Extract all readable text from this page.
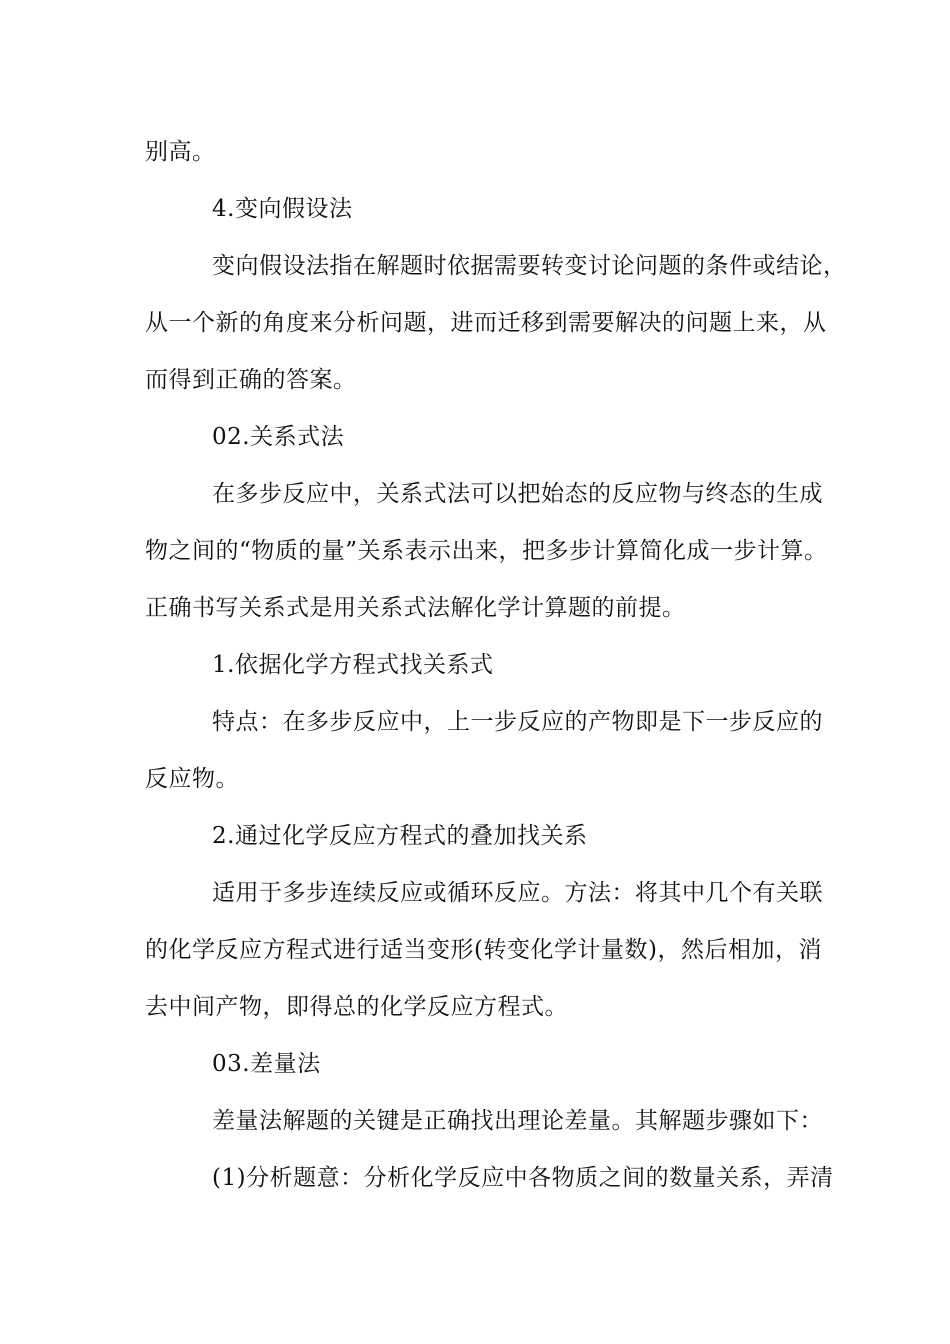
别高。
4.变向假设法
变向假设法指在解题时依据需要转变讨论问题的条件或结论，
从一个新的角度来分析问题，进而迁移到需要解决的问题上来，从
而得到正确的答案。
02.关系式法
在多步反应中，关系式法可以把始态的反应物与终态的生成
物之间的“物质的量”关系表示出来，把多步计算简化成一步计算。
正确书写关系式是用关系式法解化学计算题的前提。
1.依据化学方程式找关系式
特点：在多步反应中，上一步反应的产物即是下一步反应的
反应物。
2.通过化学反应方程式的叠加找关系
适用于多步连续反应或循环反应。方法：将其中几个有关联
的化学反应方程式进行适当变形(转变化学计量数)，然后相加，消
去中间产物，即得总的化学反应方程式。
03.差量法
差量法解题的关键是正确找出理论差量。其解题步骤如下：
(1)分析题意：分析化学反应中各物质之间的数量关系，弄清
